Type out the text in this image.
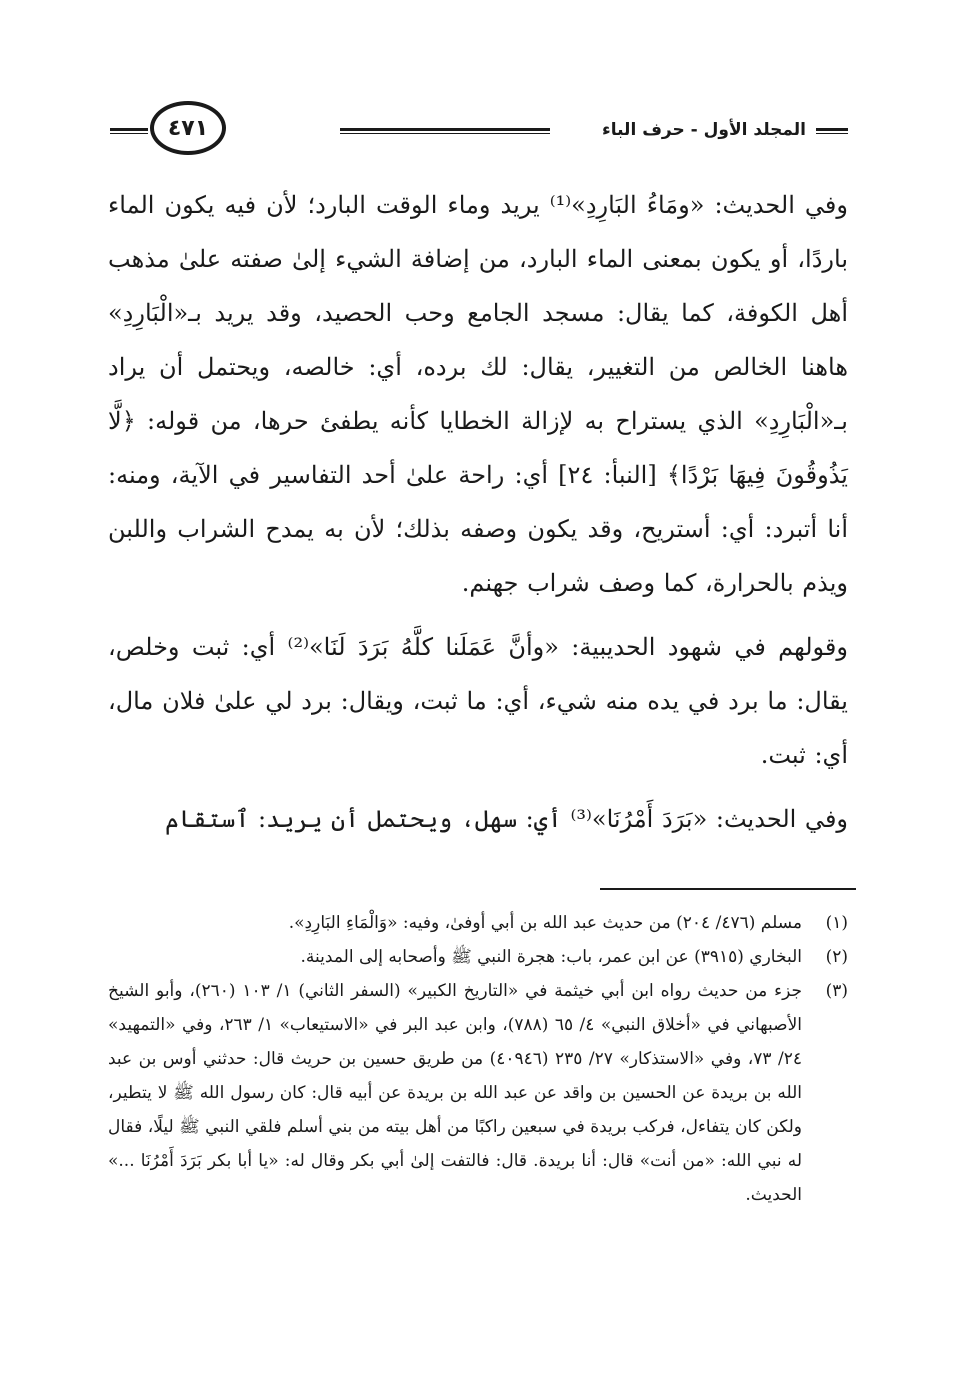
المجلد الأول - حرف الباء
٤٧١

وفي الحديث: «ومَاءُ البَارِدِ»⁽¹⁾ يريد وماء الوقت البارد؛ لأن فيه يكون الماء باردًا، أو يكون بمعنى الماء البارد، من إضافة الشيء إلىٰ صفته علىٰ مذهب أهل الكوفة، كما يقال: مسجد الجامع وحب الحصيد، وقد يريد بـ«الْبَارِدِ» هاهنا الخالص من التغيير، يقال: لك برده، أي: خالصه، ويحتمل أن يراد بـ«الْبَارِدِ» الذي يستراح به لإزالة الخطايا كأنه يطفئ حرها، من قوله: ﴿لَّا يَذُوقُونَ فِيهَا بَرْدًا﴾ [النبأ: ٢٤] أي: راحة علىٰ أحد التفاسير في الآية، ومنه: أنا أتبرد: أي: أستريح، وقد يكون وصفه بذلك؛ لأن به يمدح الشراب واللبن ويذم بالحرارة، كما وصف شراب جهنم.

وقولهم في شهود الحديبية: «وأنَّ عَمَلَنا كلَّهُ بَرَدَ لَنَا»⁽²⁾ أي: ثبت وخلص، يقال: ما برد في يده منه شيء، أي: ما ثبت، ويقال: برد لي علىٰ فلان مال، أي: ثبت.

وفي الحديث: «بَرَدَ أَمْرُنَا»⁽³⁾ أي: سهل، ويحتمل أن يريد: ٱستقام

(١)
مسلم (٤٧٦/ ٢٠٤) من حديث عبد الله بن أبي أوفىٰ، وفيه: «وَالْمَاءِ البَارِدِ».
(٢)
البخاري (٣٩١٥) عن ابن عمر، باب: هجرة النبي ﷺ وأصحابه إلى المدينة.
(٣)
جزء من حديث رواه ابن أبي خيثمة في «التاريخ الكبير» (السفر الثاني) ١/ ١٠٣ (٢٦٠)، وأبو الشيخ الأصبهاني في «أخلاق النبي» ٤/ ٦٥ (٧٨٨)، وابن عبد البر في «الاستيعاب» ١/ ٢٦٣، وفي «التمهيد» ٢٤/ ٧٣، وفي «الاستذكار» ٢٧/ ٢٣٥ (٤٠٩٤٦) من طريق حسين بن حريث قال: حدثني أوس بن عبد الله بن بريدة عن الحسين بن واقد عن عبد الله بن بريدة عن أبيه قال: كان رسول الله ﷺ لا يتطير، ولكن كان يتفاءل، فركب بريدة في سبعين راكبًا من أهل بيته من بني أسلم فلقي النبي ﷺ ليلًا، فقال له نبي الله: «من أنت» قال: أنا بريدة. قال: فالتفت إلىٰ أبي بكر وقال له: «يا أبا بكر بَرَدَ أَمْرُنَا ...» الحديث.
